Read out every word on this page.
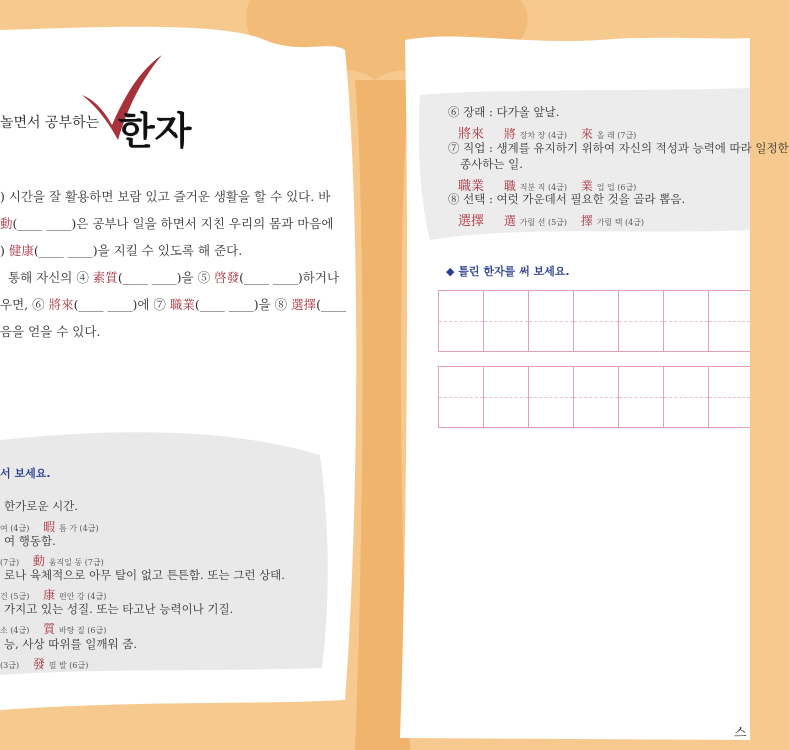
놀면서 공부하는 한자
) 시간을 잘 활용하면 보람 있고 즐거운 생활을 할 수 있다. 바
動(____ ____)은 공부나 일을 하면서 지친 우리의 몸과 마음에
) 健康(____ ____)을 지킬 수 있도록 해 준다.
통해 자신의 ④ 素質(____ ____)을 ⑤ 啓發(____ ____)하거나
우면, ⑥ 將來(____ ____)에 ⑦ 職業(____ ____)을 ⑧ 選擇(____
음을 얻을 수 있다.
서 보세요.
한가로운 시간.
여 (4급) 暇 틈 가 (4급)
여 행동함.
(7급) 動 움직일 동 (7급)
로나 육체적으로 아무 탈이 없고 튼튼함. 또는 그런 상태.
건 (5급) 康 편안 강 (4급)
가지고 있는 성질. 또는 타고난 능력이나 기질.
소 (4급) 質 바탕 질 (6급)
능, 사상 따위를 일깨워 줌.
(3급) 發 필 발 (6급)
⑥ 장래 : 다가올 앞날.
將來 將 장차 장 (4급) 來 올 래 (7급)
⑦ 직업 : 생계를 유지하기 위하여 자신의 적성과 능력에 따라 일정한
종사하는 일.
職業 職 직분 직 (4급) 業 업 업 (6급)
⑧ 선택 : 여럿 가운데서 필요한 것을 골라 뽑음.
選擇 選 가릴 선 (5급) 擇 가릴 택 (4급)
◆ 틀린 한자를 써 보세요.
스
